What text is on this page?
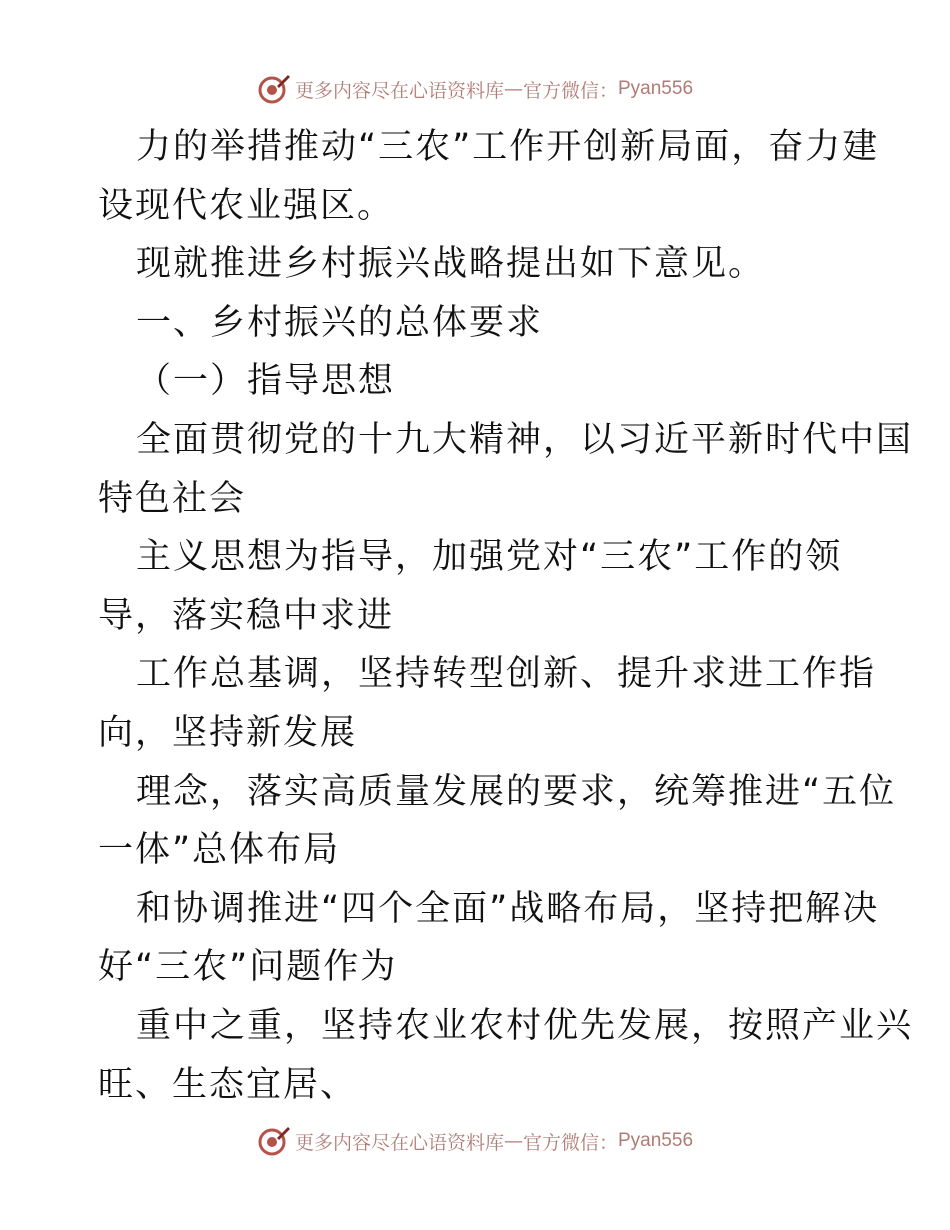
更多内容尽在心语资料库 — 官方微信： Pyan556
力的举措推动“三农”工作开创新局面，奋力建
设现代农业强区。
现就推进乡村振兴战略提出如下意见。
一、乡村振兴的总体要求
（一）指导思想
全面贯彻党的十九大精神，以习近平新时代中国
特色社会
主义思想为指导，加强党对“三农”工作的领
导，落实稳中求进
工作总基调，坚持转型创新、提升求进工作指
向，坚持新发展
理念，落实高质量发展的要求，统筹推进“五位
一体”总体布局
和协调推进“四个全面”战略布局，坚持把解决
好“三农”问题作为
重中之重，坚持农业农村优先发展，按照产业兴
旺、生态宜居、
更多内容尽在心语资料库 — 官方微信： Pyan556
